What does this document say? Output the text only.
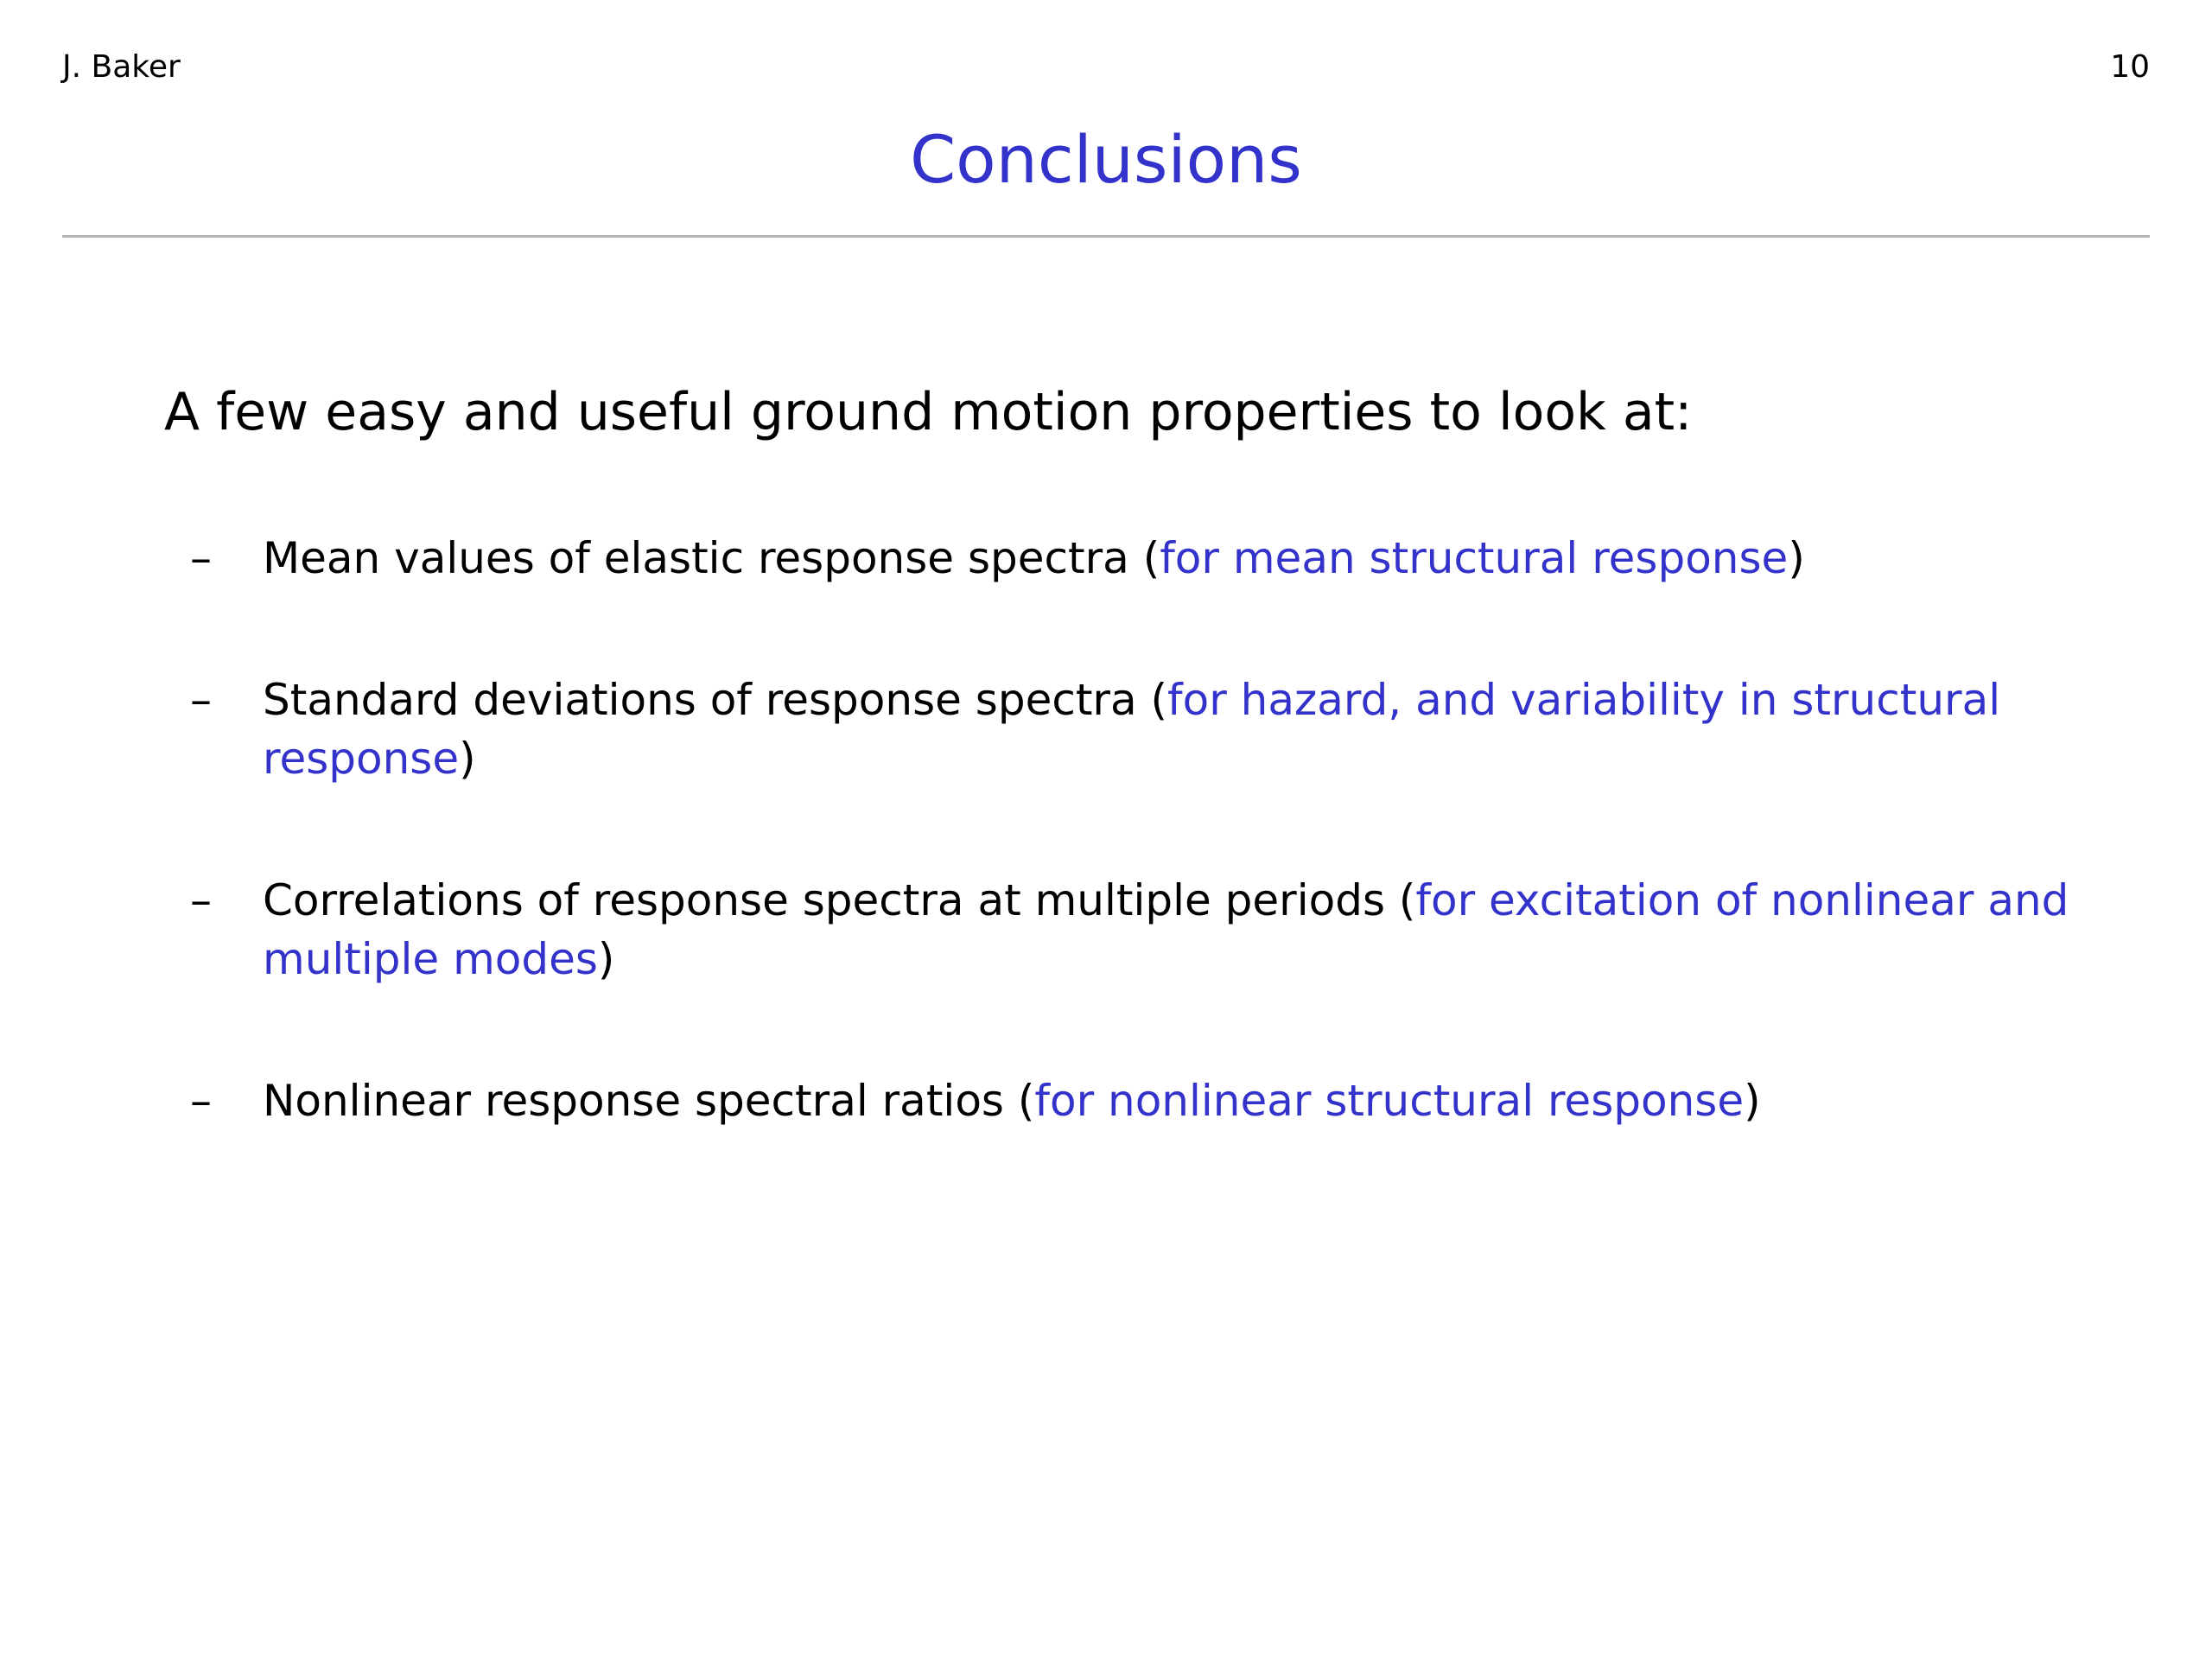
J. Baker	10
Conclusions
A few easy and useful ground motion properties to look at:
– Mean values of elastic response spectra (for mean structural response)
– Standard deviations of response spectra (for hazard, and variability in structural response)
– Correlations of response spectra at multiple periods (for excitation of nonlinear and multiple modes)
– Nonlinear response spectral ratios (for nonlinear structural response)
